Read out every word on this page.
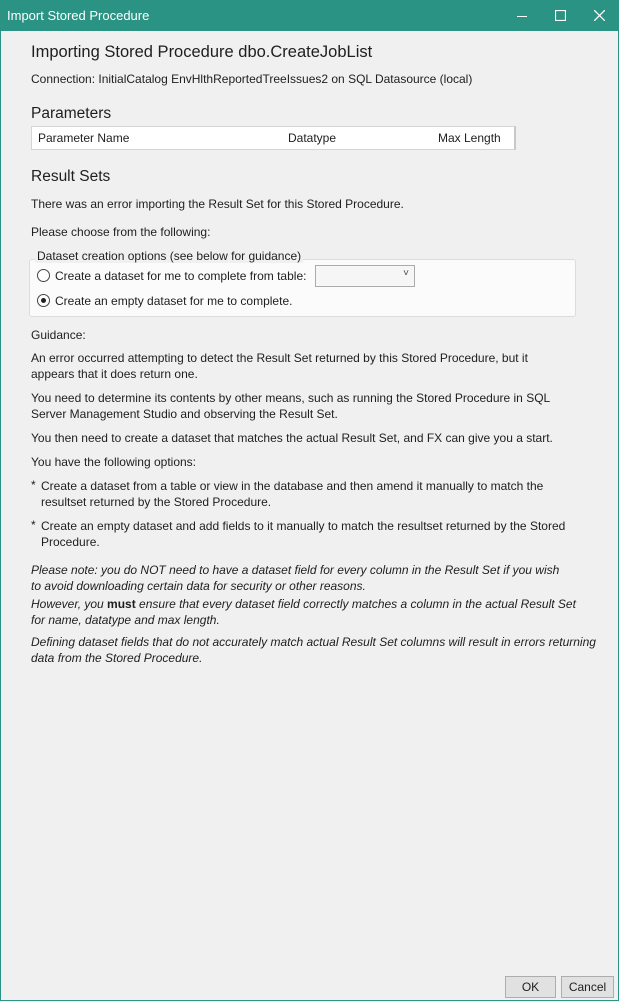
Import Stored Procedure
Importing Stored Procedure dbo.CreateJobList
Connection: InitialCatalog EnvHlthReportedTreeIssues2 on SQL Datasource (local)
Parameters
Parameter Name	Datatype	Max Length
Result Sets
There was an error importing the Result Set for this Stored Procedure.
Please choose from the following:
Dataset creation options (see below for guidance)
Create a dataset for me to complete from table:	˅
Create an empty dataset for me to complete.
Guidance:
An error occurred attempting to detect the Result Set returned by this Stored Procedure, but it appears that it does return one.
You need to determine its contents by other means, such as running the Stored Procedure in SQL Server Management Studio and observing the Result Set.
You then need to create a dataset that matches the actual Result Set, and FX can give you a start.
You have the following options:
* Create a dataset from a table or view in the database and then amend it manually to match the resultset returned by the Stored Procedure.
* Create an empty dataset and add fields to it manually to match the resultset returned by the Stored Procedure.
Please note: you do NOT need to have a dataset field for every column in the Result Set if you wish to avoid downloading certain data for security or other reasons.
However, you must ensure that every dataset field correctly matches a column in the actual Result Set for name, datatype and max length.
Defining dataset fields that do not accurately match actual Result Set columns will result in errors returning data from the Stored Procedure.
OK	Cancel
